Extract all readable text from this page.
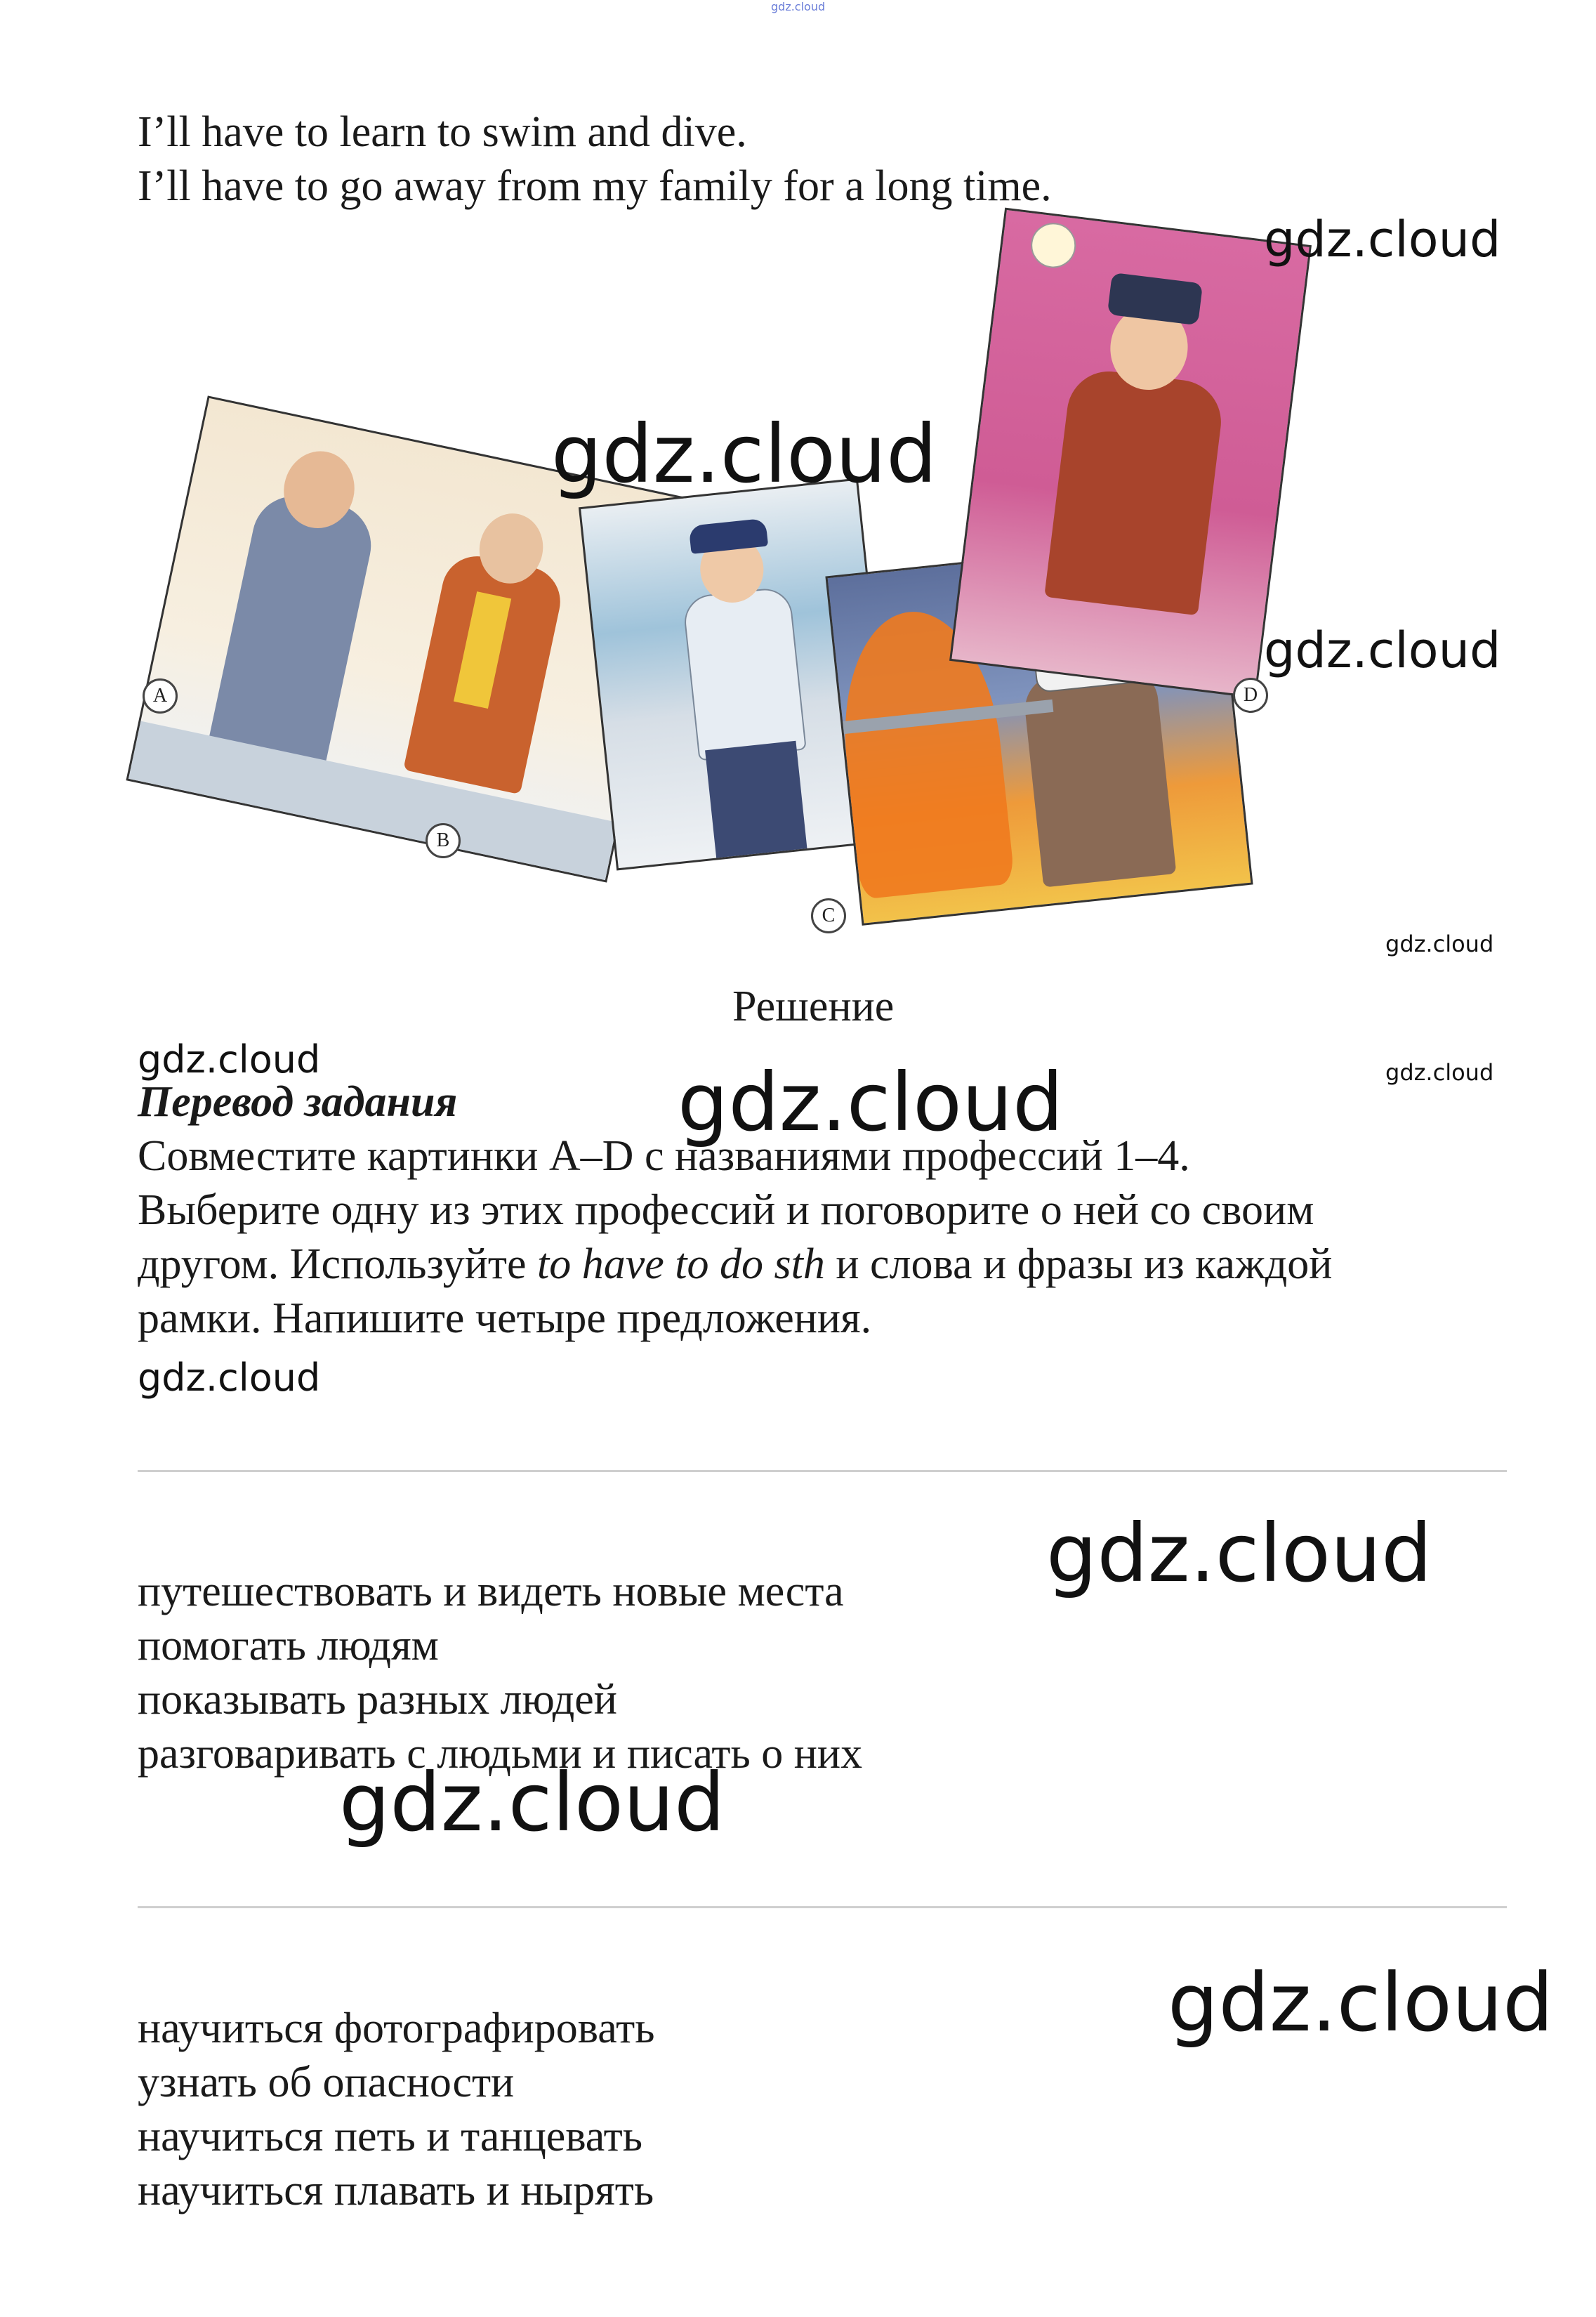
gdz.cloud
I’ll have to learn to swim and dive.
I’ll have to go away from my family for a long time.
A
B
C
D
gdz.cloud
gdz.cloud
gdz.cloud
gdz.cloud
Решение
gdz.cloud	gdz.cloud
gdz.cloud
Перевод задания
Совместите картинки A–D с названиями профессий 1–4.
Выберите одну из этих профессий и поговорите о ней со своим
другом. Используйте to have to do sth и слова и фразы из каждой
рамки. Напишите четыре предложения.
gdz.cloud
gdz.cloud
путешествовать и видеть новые места
помогать людям
показывать разных людей
разговаривать с людьми и писать о них
gdz.cloud
gdz.cloud
научиться фотографировать
узнать об опасности
научиться петь и танцевать
научиться плавать и нырять
